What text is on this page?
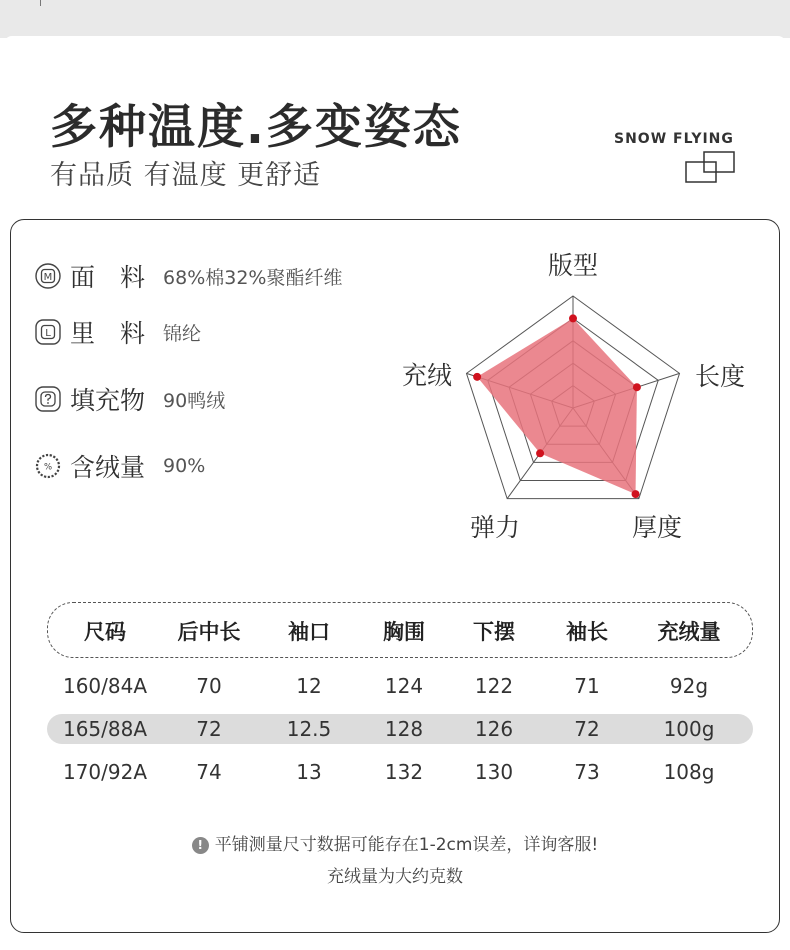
多种温度.多变姿态
有品质 有温度 更舒适
SNOW FLYING
M 面　料 68%棉32%聚酯纤维
L 里　料 锦纶
填充物 90鸭绒
% 含绒量 90%
版型
长度
厚度
弹力
充绒
尺码	后中长	袖口	胸围	下摆	袖长	充绒量
160/84A	70	12	124	122	71	92g
165/88A	72	12.5	128	126	72	100g
170/92A	74	13	132	130	73	108g
! 平铺测量尺寸数据可能存在1-2cm误差，详询客服!
充绒量为大约克数
